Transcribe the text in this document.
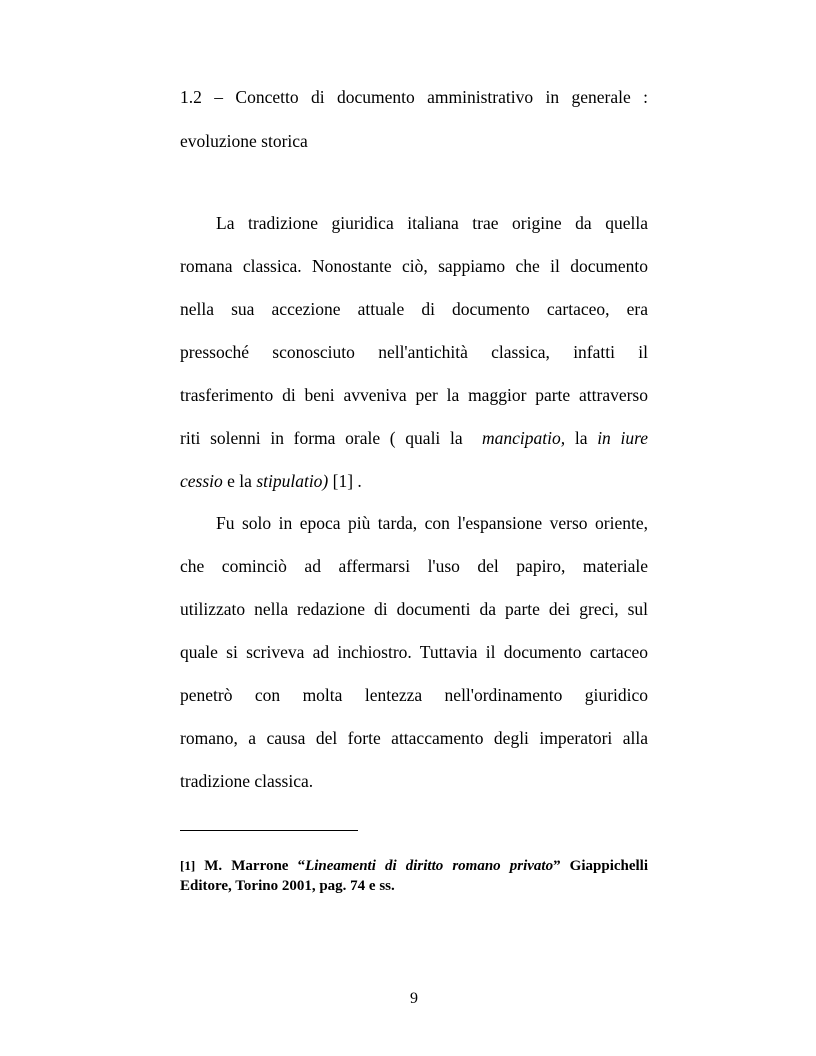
1.2 – Concetto di documento amministrativo in generale :
evoluzione storica
La tradizione giuridica italiana trae origine da quella
romana classica. Nonostante ciò, sappiamo che il documento
nella sua accezione attuale di documento cartaceo, era
pressoché sconosciuto nell'antichità classica, infatti il
trasferimento di beni avveniva per la maggior parte attraverso
riti solenni in forma orale ( quali la mancipatio, la in iure
cessio e la stipulatio) [1] .
Fu solo in epoca più tarda, con l'espansione verso oriente,
che cominciò ad affermarsi l'uso del papiro, materiale
utilizzato nella redazione di documenti da parte dei greci, sul
quale si scriveva ad inchiostro. Tuttavia il documento cartaceo
penetrò con molta lentezza nell'ordinamento giuridico
romano, a causa del forte attaccamento degli imperatori alla
tradizione classica.
[1] M. Marrone “Lineamenti di diritto romano privato” Giappichelli
Editore, Torino 2001, pag. 74 e ss.
9
